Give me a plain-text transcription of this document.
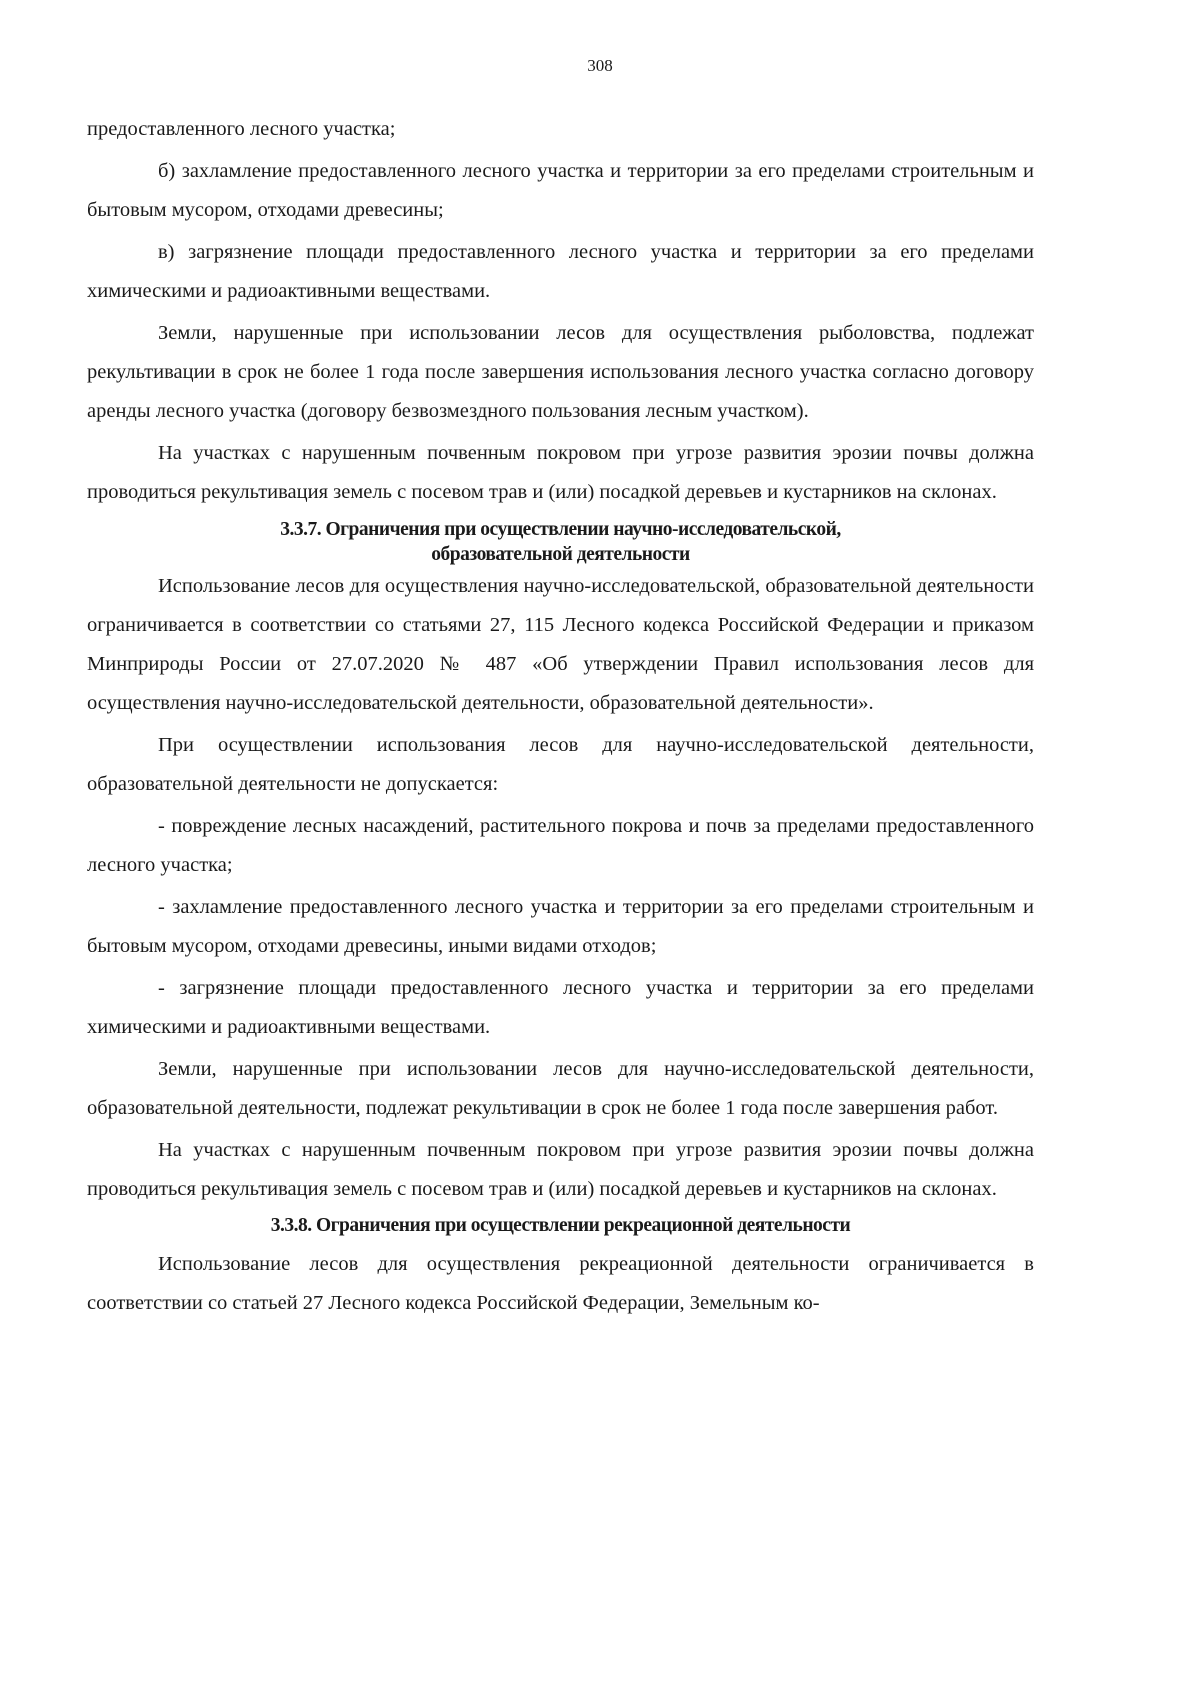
308

предоставленного лесного участка;

б) захламление предоставленного лесного участка и территории за его пределами строительным и бытовым мусором, отходами древесины;

в) загрязнение площади предоставленного лесного участка и территории за его пределами химическими и радиоактивными веществами.

Земли, нарушенные при использовании лесов для осуществления рыболовства, подлежат рекультивации в срок не более 1 года после завершения использования лесного участка согласно договору аренды лесного участка (договору безвозмездного пользования лесным участком).

На участках с нарушенным почвенным покровом при угрозе развития эрозии почвы должна проводиться рекультивация земель с посевом трав и (или) посадкой деревьев и кустарников на склонах.

3.3.7. Ограничения при осуществлении научно-исследовательской,
образовательной деятельности

Использование лесов для осуществления научно-исследовательской, образовательной деятельности ограничивается в соответствии со статьями 27, 115 Лесного кодекса Российской Федерации и приказом Минприроды России от 27.07.2020 № 487 «Об утверждении Правил использования лесов для осуществления научно-исследовательской деятельности, образовательной деятельности».

При осуществлении использования лесов для научно-исследовательской деятельности, образовательной деятельности не допускается:

- повреждение лесных насаждений, растительного покрова и почв за пределами предоставленного лесного участка;

- захламление предоставленного лесного участка и территории за его пределами строительным и бытовым мусором, отходами древесины, иными видами отходов;

- загрязнение площади предоставленного лесного участка и территории за его пределами химическими и радиоактивными веществами.

Земли, нарушенные при использовании лесов для научно-исследовательской деятельности, образовательной деятельности, подлежат рекультивации в срок не более 1 года после завершения работ.

На участках с нарушенным почвенным покровом при угрозе развития эрозии почвы должна проводиться рекультивация земель с посевом трав и (или) посадкой деревьев и кустарников на склонах.

3.3.8. Ограничения при осуществлении рекреационной деятельности

Использование лесов для осуществления рекреационной деятельности ограничивается в соответствии со статьей 27 Лесного кодекса Российской Федерации, Земельным ко-
